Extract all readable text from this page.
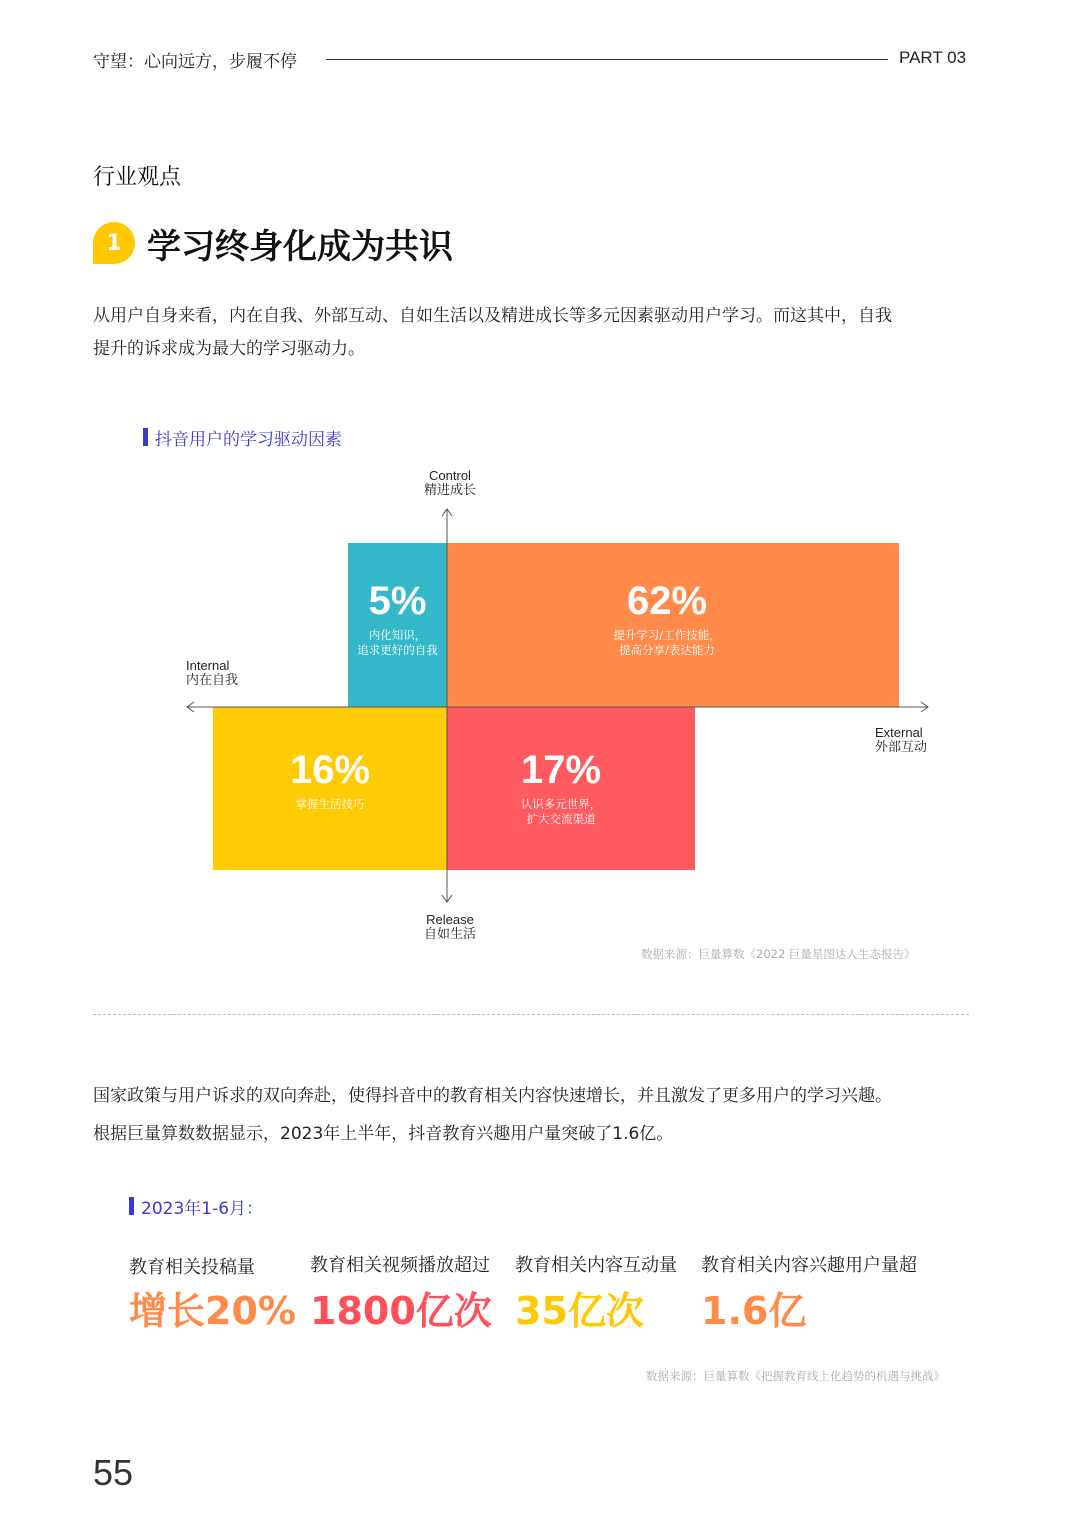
守望：心向远方，步履不停	PART 03
行业观点
1 学习终身化成为共识
从用户自身来看，内在自我、外部互动、自如生活以及精进成长等多元因素驱动用户学习。而这其中，自我
提升的诉求成为最大的学习驱动力。
抖音用户的学习驱动因素
5%
内化知识，
追求更好的自我
62%
提升学习/工作技能，
提高分享/表达能力
16%
掌握生活技巧
17%
认识多元世界，
扩大交流渠道
Control
精进成长
Release
自如生活
Internal
内在自我
External
外部互动
数据来源：巨量算数《2022 巨量星图达人生态报告》
国家政策与用户诉求的双向奔赴，使得抖音中的教育相关内容快速增长，并且激发了更多用户的学习兴趣。
根据巨量算数数据显示，2023年上半年，抖音教育兴趣用户量突破了1.6亿。
2023年1-6月：
教育相关投稿量
增长20%
教育相关视频播放超过
1800亿次
教育相关内容互动量
35亿次
教育相关内容兴趣用户量超
1.6亿
数据来源：巨量算数《把握教育线上化趋势的机遇与挑战》
55
